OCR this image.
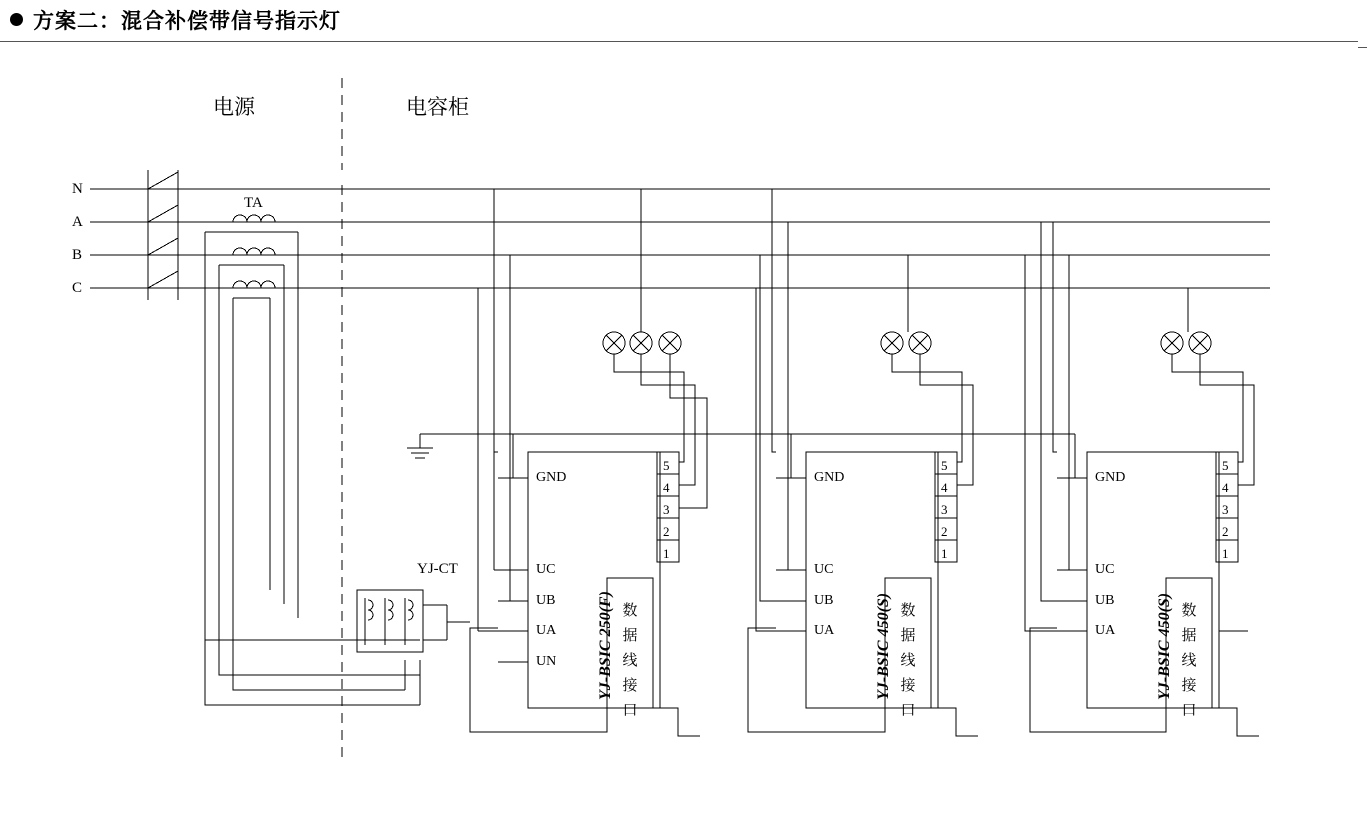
方案二：混合补偿带信号指示灯
电源	电容柜
N
A
B
C
TA
YJ-CT
GND
UC
UB
UA
UN
5
4
3
2
1
YJ-BSIC 250(F) 数
据
线
接
口
GND
UC
UB
UA
5
4
3
2
1
YJ-BSIC 450(S) 数
据
线
接
口
GND
UC
UB
UA
5
4
3
2
1
YJ-BSIC 450(S) 数
据
线
接
口
